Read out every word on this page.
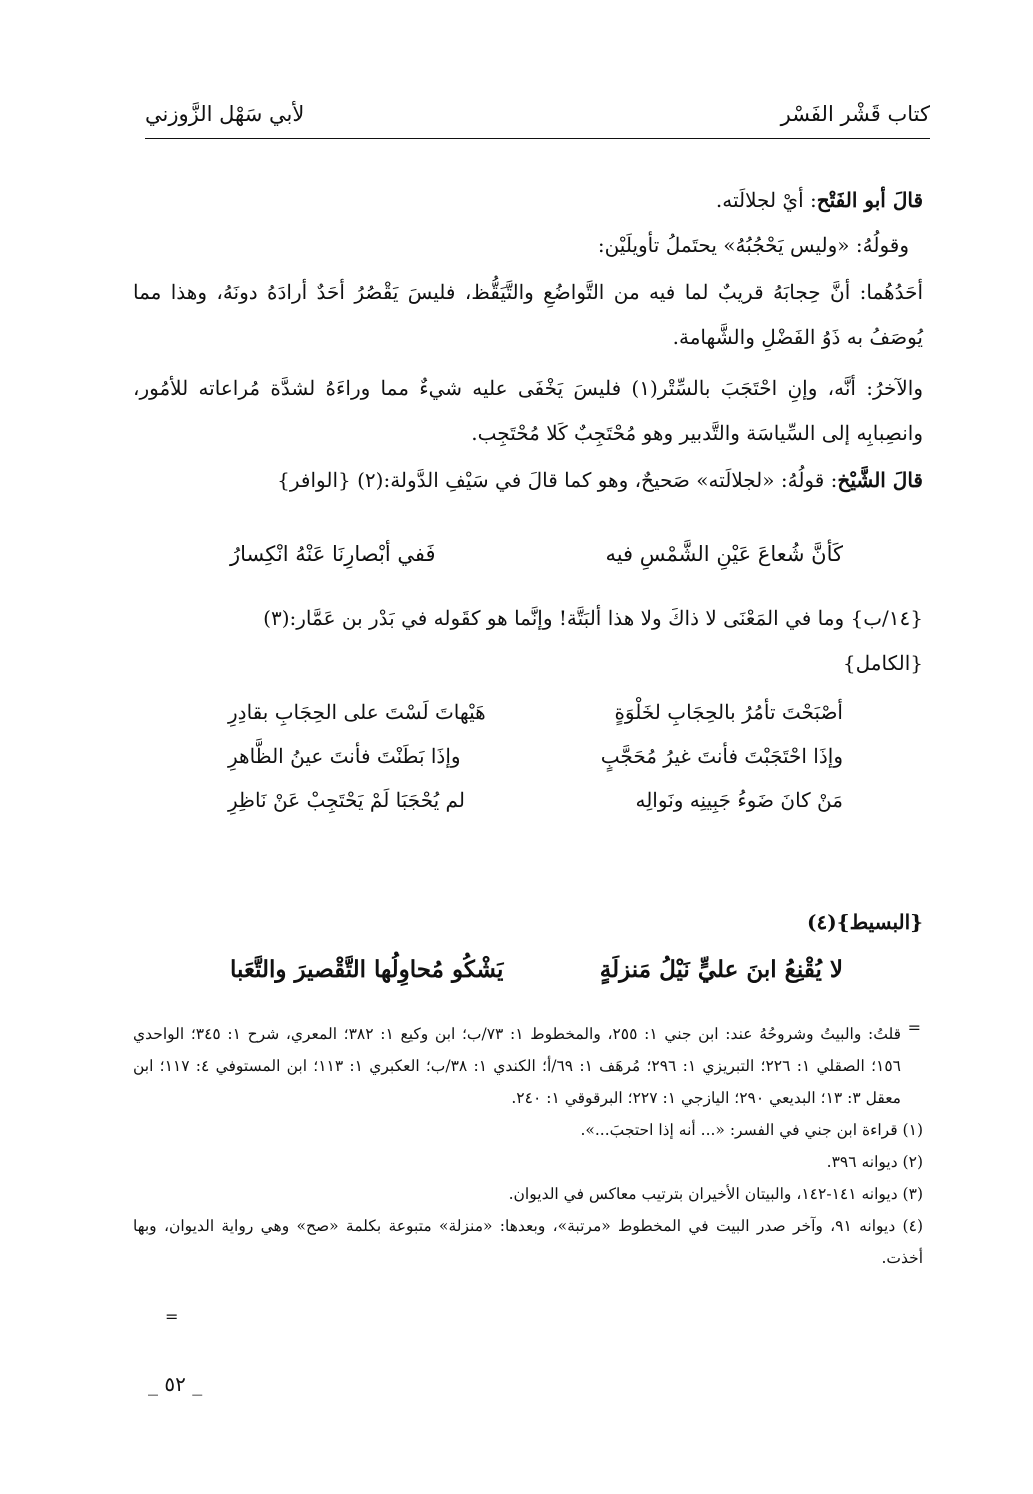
كتاب قَشْر الفَسْر
لأبي سَهْل الزَّوزني

قالَ أبو الفَتْح: أيْ لجلالَته.

وقولُهُ: «وليس يَحْجُبُهُ» يحتَملُ تأويلَيْن:

أحَدُهُما: أنَّ حِجابَهُ قريبٌ لما فيه من التَّواضُعِ والتَّيَقُّظ، فليسَ يَقْصُرُ أحَدٌ أرادَهُ دونَهُ، وهذا مما يُوصَفُ به ذَوُ الفَضْلِ والشَّهامة.

والآخرُ: أنَّه، وإنِ احْتَجَبَ بالسِّتْر(١) فليسَ يَخْفَى عليه شيءٌ مما وراءَهُ لشدَّة مُراعاته للأمُور، وانصِبابِه إلى السِّياسَة والتَّدبير وهو مُحْتَجِبٌ كَلا مُحْتَجِب.

قالَ الشَّيْخ: قولُهُ: «لجلالَته» صَحيحٌ، وهو كما قالَ في سَيْفِ الدَّولة:(٢) {الوافر}

كَأنَّ شُعاعَ عَيْنِ الشَّمْسِ فيه
فَفي أبْصارِنَا عَنْهُ انْكِسارُ

{١٤/ب} وما في المَعْنَى لا ذاكَ ولا هذا ألبَتَّة! وإنَّما هو كقَوله في بَدْر بن عَمَّار:(٣)

{الكامل}

أصْبَحْتَ تأمُرُ بالحِجَابِ لخَلْوَةٍ
هَيْهاتَ لَسْتَ على الحِجَابِ بقادِرِ
وإذَا احْتَجَبْتَ فأنتَ غيرُ مُحَجَّبٍ
وإذَا بَطَنْتَ فأنتَ عينُ الظَّاهرِ
مَنْ كانَ ضَوءُ جَبِينِه ونَوالِه
لم يُحْجَبَا لَمْ يَحْتَجِبْ عَنْ نَاظِرِ
{البسيط}(٤)
لا يُقْنِعُ ابنَ عليٍّ نَيْلُ مَنزلَةٍ
يَشْكُو مُحاوِلُها التَّقْصيرَ والتَّعَبا
=

قلتُ: والبيتُ وشروحُهُ عند: ابن جني ١: ٢٥٥، والمخطوط ١: ٧٣/ب؛ ابن وكيع ١: ٣٨٢؛ المعري، شرح ١: ٣٤٥؛ الواحدي ١٥٦؛ الصقلي ١: ٢٢٦؛ التبريزي ١: ٢٩٦؛ مُرهَف ١: ٦٩/أ؛ الكندي ١: ٣٨/ب؛ العكبري ١: ١١٣؛ ابن المستوفي ٤: ١١٧؛ ابن معقل ٣: ١٣؛ البديعي ٢٩٠؛ اليازجي ١: ٢٢٧؛ البرقوقي ١: ٢٤٠.

(١) قراءة ابن جني في الفسر: «... أنه إذا احتجبَ...».

(٢) ديوانه ٣٩٦.

(٣) ديوانه ١٤١-١٤٢، والبيتان الأخيران بترتيب معاكس في الديوان.

(٤) ديوانه ٩١، وآخر صدر البيت في المخطوط «مرتبة»، وبعدها: «منزلة» متبوعة بكلمة «صح» وهي رواية الديوان، وبها أخذت.

=
_ ٥٢ _
